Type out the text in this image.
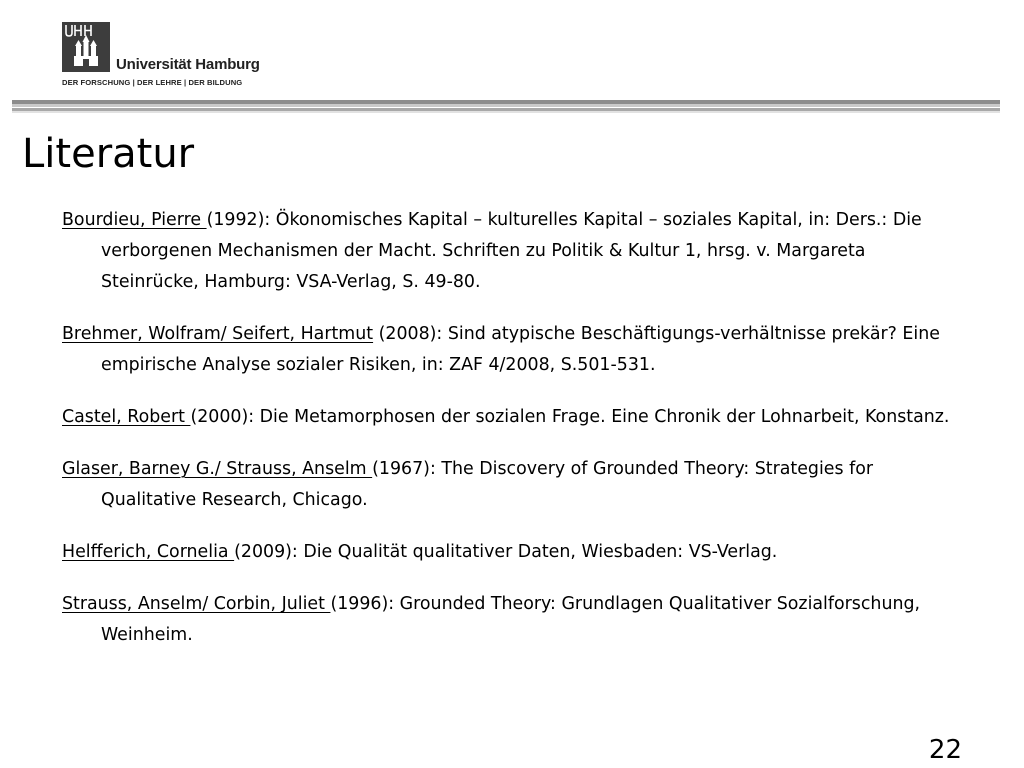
Universität Hamburg
DER FORSCHUNG | DER LEHRE | DER BILDUNG
Literatur

Bourdieu, Pierre (1992): Ökonomisches Kapital – kulturelles Kapital – soziales Kapital, in: Ders.: Die verborgenen Mechanismen der Macht. Schriften zu Politik & Kultur 1, hrsg. v. Margareta Steinrücke, Hamburg: VSA-Verlag, S. 49-80.

Brehmer, Wolfram/ Seifert, Hartmut (2008): Sind atypische Beschäftigungs-verhältnisse prekär? Eine empirische Analyse sozialer Risiken, in: ZAF 4/2008, S.501-531.

Castel, Robert (2000): Die Metamorphosen der sozialen Frage. Eine Chronik der Lohnarbeit, Konstanz.

Glaser, Barney G./ Strauss, Anselm (1967): The Discovery of Grounded Theory: Strategies for Qualitative Research, Chicago.

Helfferich, Cornelia (2009): Die Qualität qualitativer Daten, Wiesbaden: VS-Verlag.

Strauss, Anselm/ Corbin, Juliet (1996): Grounded Theory: Grundlagen Qualitativer Sozialforschung, Weinheim.

22
